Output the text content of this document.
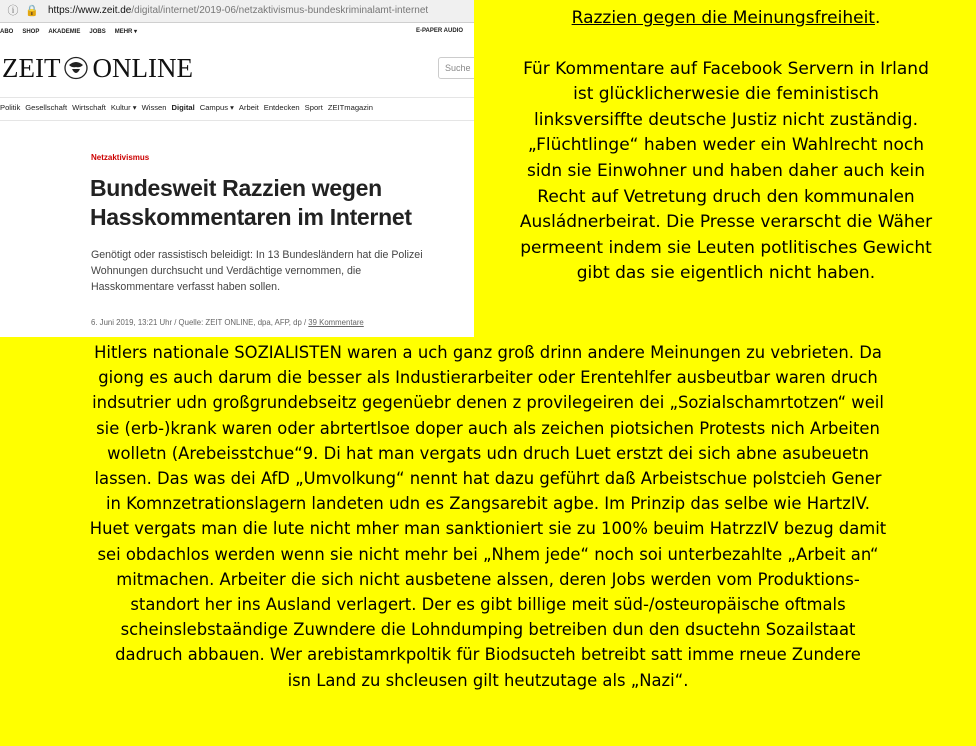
ⓘ 🔒 https://www.zeit.de/digital/internet/2019-06/netzaktivismus-bundeskriminalamt-internet
ABO SHOP AKADEMIE JOBS MEHR ▾	E-PAPER AUDIO
ZEIT ONLINE	Suche
Politik Gesellschaft Wirtschaft Kultur ▾ Wissen Digital Campus ▾ Arbeit Entdecken Sport ZEITmagazin
Netzaktivismus
Bundesweit Razzien wegen
Hasskommentaren im Internet
Genötigt oder rassistisch beleidigt: In 13 Bundesländern hat die Polizei
Wohnungen durchsucht und Verdächtige vernommen, die
Hasskommentare verfasst haben sollen.
6. Juni 2019, 13:21 Uhr / Quelle: ZEIT ONLINE, dpa, AFP, dp / 39 Kommentare
Razzien gegen die Meinungsfreiheit.
Für Kommentare auf Facebook Servern in Irland
ist glücklicherwesie die feministisch
linksversiffte deutsche Justiz nicht zuständig.
„Flüchtlinge“ haben weder ein Wahlrecht noch
sidn sie Einwohner und haben daher auch kein
Recht auf Vetretung druch den kommunalen
Ausládnerbeirat. Die Presse verarscht die Wäher
permeent indem sie Leuten potlitisches Gewicht
gibt das sie eigentlich nicht haben.
Hitlers nationale SOZIALISTEN waren a uch ganz groß drinn andere Meinungen zu vebrieten. Da
giong es auch darum die besser als Industierarbeiter oder Erentehlfer ausbeutbar waren druch
indsutrier udn großgrundebseitz gegenüebr denen z provilegeiren dei „Sozialschamrtotzen“ weil
sie (erb-)krank waren oder abrtertlsoe doper auch als zeichen piotsichen Protests nich Arbeiten
wolletn (Arebeisstchue“9. Di hat man vergats udn druch Luet erstzt dei sich abne asubeuetn
lassen. Das was dei AfD „Umvolkung“ nennt hat dazu geführt daß Arbeistschue polstcieh Gener
in Komnzetrationslagern landeten udn es Zangsarebit agbe. Im Prinzip das selbe wie HartzIV.
Huet vergats man die lute nicht mher man sanktioniert sie zu 100% beuim HatrzzIV bezug damit
sei obdachlos werden wenn sie nicht mehr bei „Nhem jede“ noch soi unterbezahlte „Arbeit an“
mitmachen. Arbeiter die sich nicht ausbetene alssen, deren Jobs werden vom Produktions-
standort her ins Ausland verlagert. Der es gibt billige meit süd-/osteuropäische oftmals
scheinslebstaändige Zuwndere die Lohndumping betreiben dun den dsuctehn Sozailstaat
dadruch abbauen. Wer arebistamrkpoltik für Biodsucteh betreibt satt imme rneue Zundere
isn Land zu shcleusen gilt heutzutage als „Nazi“.
